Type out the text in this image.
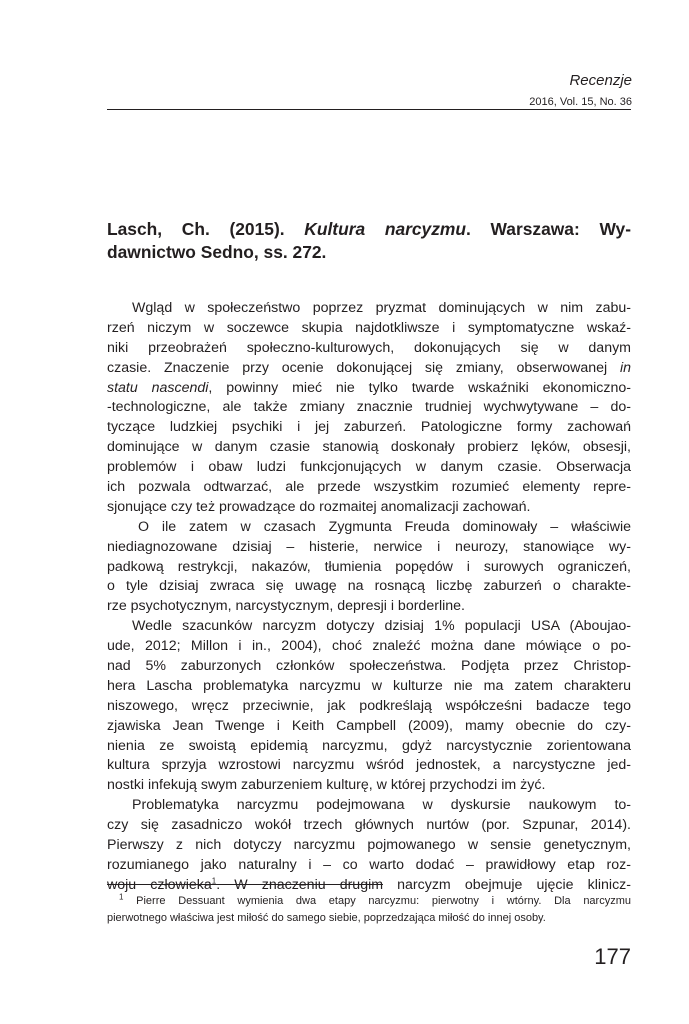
Recenzje
2016, Vol. 15, No. 36
Lasch, Ch. (2015). Kultura narcyzmu. Warszawa: Wy-
dawnictwo Sedno, ss. 272.
Wgląd w społeczeństwo poprzez pryzmat dominujących w nim zabu-
rzeń niczym w soczewce skupia najdotkliwsze i symptomatyczne wskaź-
niki przeobrażeń społeczno-kulturowych, dokonujących się w danym
czasie. Znaczenie przy ocenie dokonującej się zmiany, obserwowanej in
statu nascendi, powinny mieć nie tylko twarde wskaźniki ekonomiczno-
-technologiczne, ale także zmiany znacznie trudniej wychwytywane – do-
tyczące ludzkiej psychiki i jej zaburzeń. Patologiczne formy zachowań
dominujące w danym czasie stanowią doskonały probierz lęków, obsesji,
problemów i obaw ludzi funkcjonujących w danym czasie. Obserwacja
ich pozwala odtwarzać, ale przede wszystkim rozumieć elementy repre-
sjonujące czy też prowadzące do rozmaitej anomalizacji zachowań.
O ile zatem w czasach Zygmunta Freuda dominowały – właściwie
niediagnozowane dzisiaj – histerie, nerwice i neurozy, stanowiące wy-
padkową restrykcji, nakazów, tłumienia popędów i surowych ograniczeń,
o tyle dzisiaj zwraca się uwagę na rosnącą liczbę zaburzeń o charakte-
rze psychotycznym, narcystycznym, depresji i borderline.
Wedle szacunków narcyzm dotyczy dzisiaj 1% populacji USA (Aboujao-
ude, 2012; Millon i in., 2004), choć znaleźć można dane mówiące o po-
nad 5% zaburzonych członków społeczeństwa. Podjęta przez Christop-
hera Lascha problematyka narcyzmu w kulturze nie ma zatem charakteru
niszowego, wręcz przeciwnie, jak podkreślają współcześni badacze tego
zjawiska Jean Twenge i Keith Campbell (2009), mamy obecnie do czy-
nienia ze swoistą epidemią narcyzmu, gdyż narcystycznie zorientowana
kultura sprzyja wzrostowi narcyzmu wśród jednostek, a narcystyczne jed-
nostki infekują swym zaburzeniem kulturę, w której przychodzi im żyć.
Problematyka narcyzmu podejmowana w dyskursie naukowym to-
czy się zasadniczo wokół trzech głównych nurtów (por. Szpunar, 2014).
Pierwszy z nich dotyczy narcyzmu pojmowanego w sensie genetycznym,
rozumianego jako naturalny i – co warto dodać – prawidłowy etap roz-
woju człowieka$^1$. W znaczeniu drugim narcyzm obejmuje ujęcie klinicz-
$^1$ Pierre Dessuant wymienia dwa etapy narcyzmu: pierwotny i wtórny. Dla narcyzmu
pierwotnego właściwa jest miłość do samego siebie, poprzedzająca miłość do innej osoby.
177
